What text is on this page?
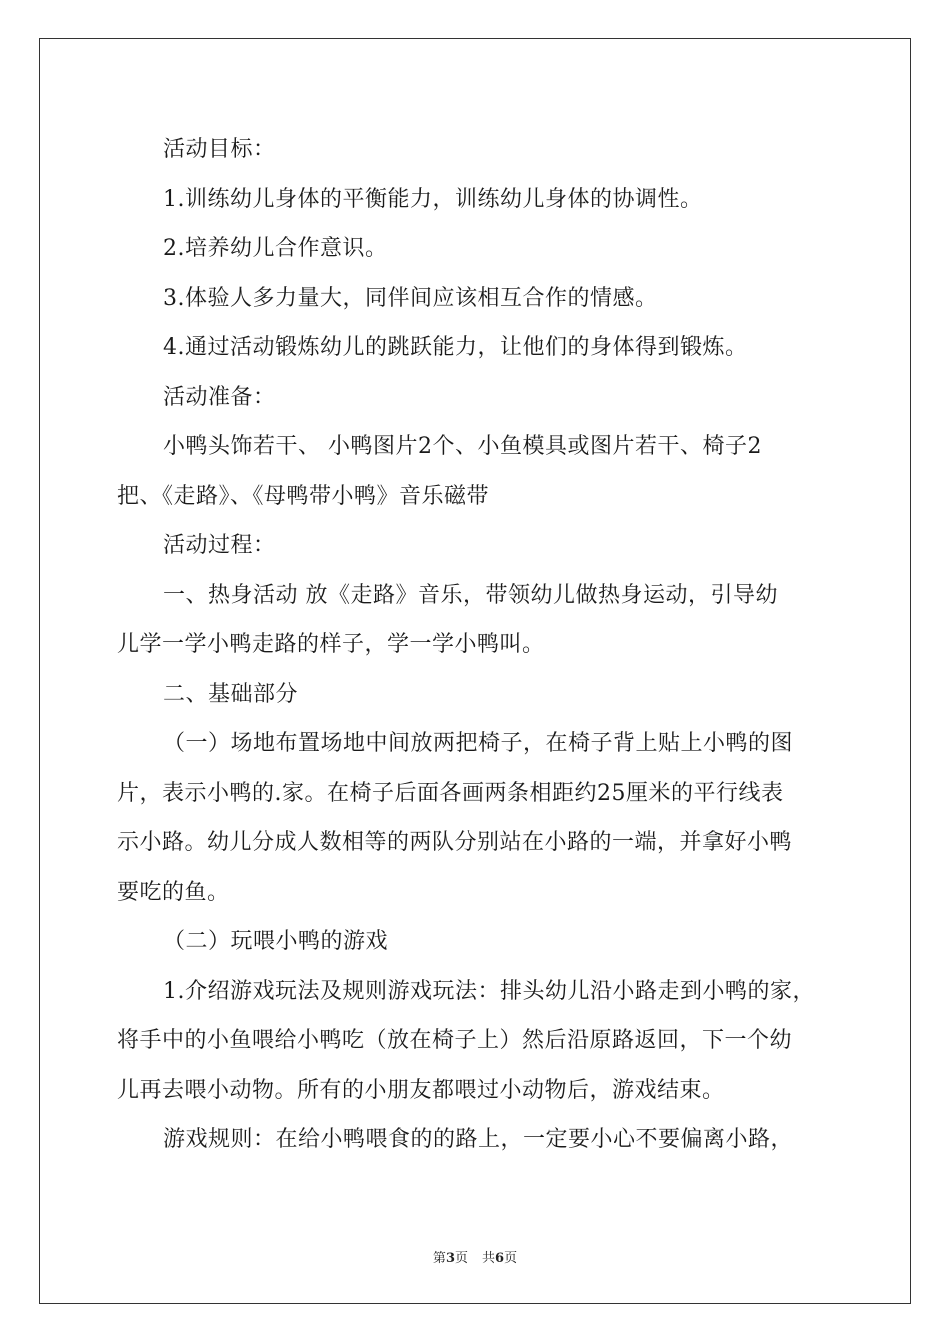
活动目标：

1.训练幼儿身体的平衡能力，训练幼儿身体的协调性。

2.培养幼儿合作意识。

3.体验人多力量大，同伴间应该相互合作的情感。

4.通过活动锻炼幼儿的跳跃能力，让他们的身体得到锻炼。

活动准备：

小鸭头饰若干、 小鸭图片2个、小鱼模具或图片若干、椅子2

把、《走路》、《母鸭带小鸭》音乐磁带

活动过程：

一、热身活动 放《走路》音乐，带领幼儿做热身运动，引导幼

儿学一学小鸭走路的样子，学一学小鸭叫。

二、基础部分

（一）场地布置场地中间放两把椅子，在椅子背上贴上小鸭的图

片，表示小鸭的.家。在椅子后面各画两条相距约25厘米的平行线表

示小路。幼儿分成人数相等的两队分别站在小路的一端，并拿好小鸭

要吃的鱼。

（二）玩喂小鸭的游戏

1.介绍游戏玩法及规则游戏玩法：排头幼儿沿小路走到小鸭的家，

将手中的小鱼喂给小鸭吃（放在椅子上）然后沿原路返回，下一个幼

儿再去喂小动物。所有的小朋友都喂过小动物后，游戏结束。

游戏规则：在给小鸭喂食的的路上，一定要小心不要偏离小路，

第3页 共6页
